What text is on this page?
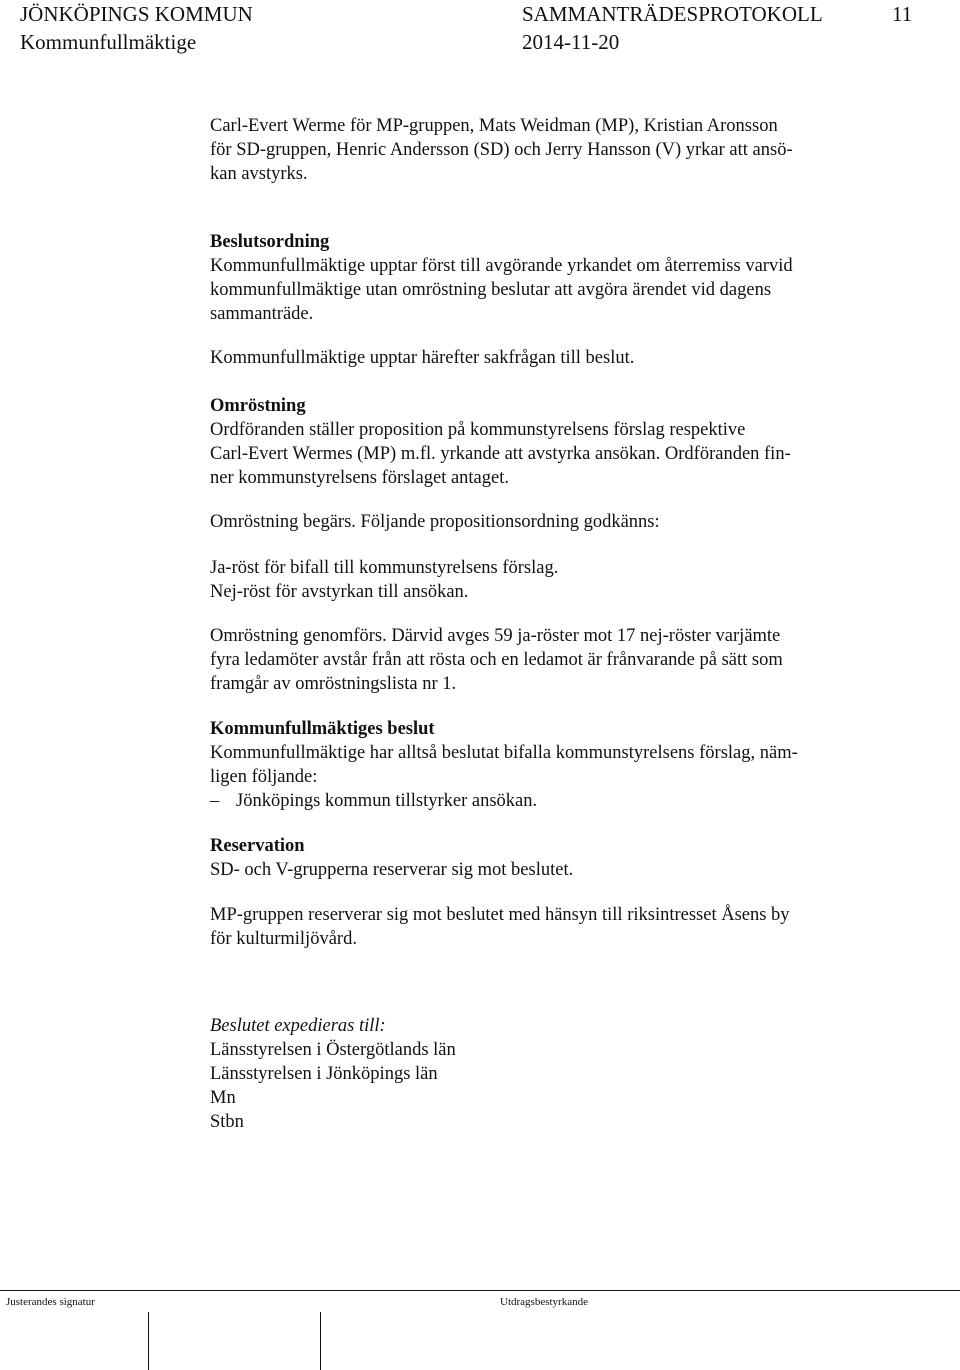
JÖNKÖPINGS KOMMUN
Kommunfullmäktige
SAMMANTRÄDESPROTOKOLL
2014-11-20
11

Carl-Evert Werme för MP-gruppen, Mats Weidman (MP), Kristian Aronsson

för SD-gruppen, Henric Andersson (SD) och Jerry Hansson (V) yrkar att ansö-

kan avstyrks.

Beslutsordning

Kommunfullmäktige upptar först till avgörande yrkandet om återremiss varvid

kommunfullmäktige utan omröstning beslutar att avgöra ärendet vid dagens

sammanträde.

Kommunfullmäktige upptar härefter sakfrågan till beslut.

Omröstning

Ordföranden ställer proposition på kommunstyrelsens förslag respektive

Carl-Evert Wermes (MP) m.fl. yrkande att avstyrka ansökan. Ordföranden fin-

ner kommunstyrelsens förslaget antaget.

Omröstning begärs. Följande propositionsordning godkänns:

Ja-röst för bifall till kommunstyrelsens förslag.

Nej-röst för avstyrkan till ansökan.

Omröstning genomförs. Därvid avges 59 ja-röster mot 17 nej-röster varjämte

fyra ledamöter avstår från att rösta och en ledamot är frånvarande på sätt som

framgår av omröstningslista nr 1.

Kommunfullmäktiges beslut

Kommunfullmäktige har alltså beslutat bifalla kommunstyrelsens förslag, näm-

ligen följande:

– Jönköpings kommun tillstyrker ansökan.

Reservation

SD- och V-grupperna reserverar sig mot beslutet.

MP-gruppen reserverar sig mot beslutet med hänsyn till riksintresset Åsens by

för kulturmiljövård.

Beslutet expedieras till:

Länsstyrelsen i Östergötlands län

Länsstyrelsen i Jönköpings län

Mn

Stbn

Justerandes signatur	Utdragsbestyrkande
